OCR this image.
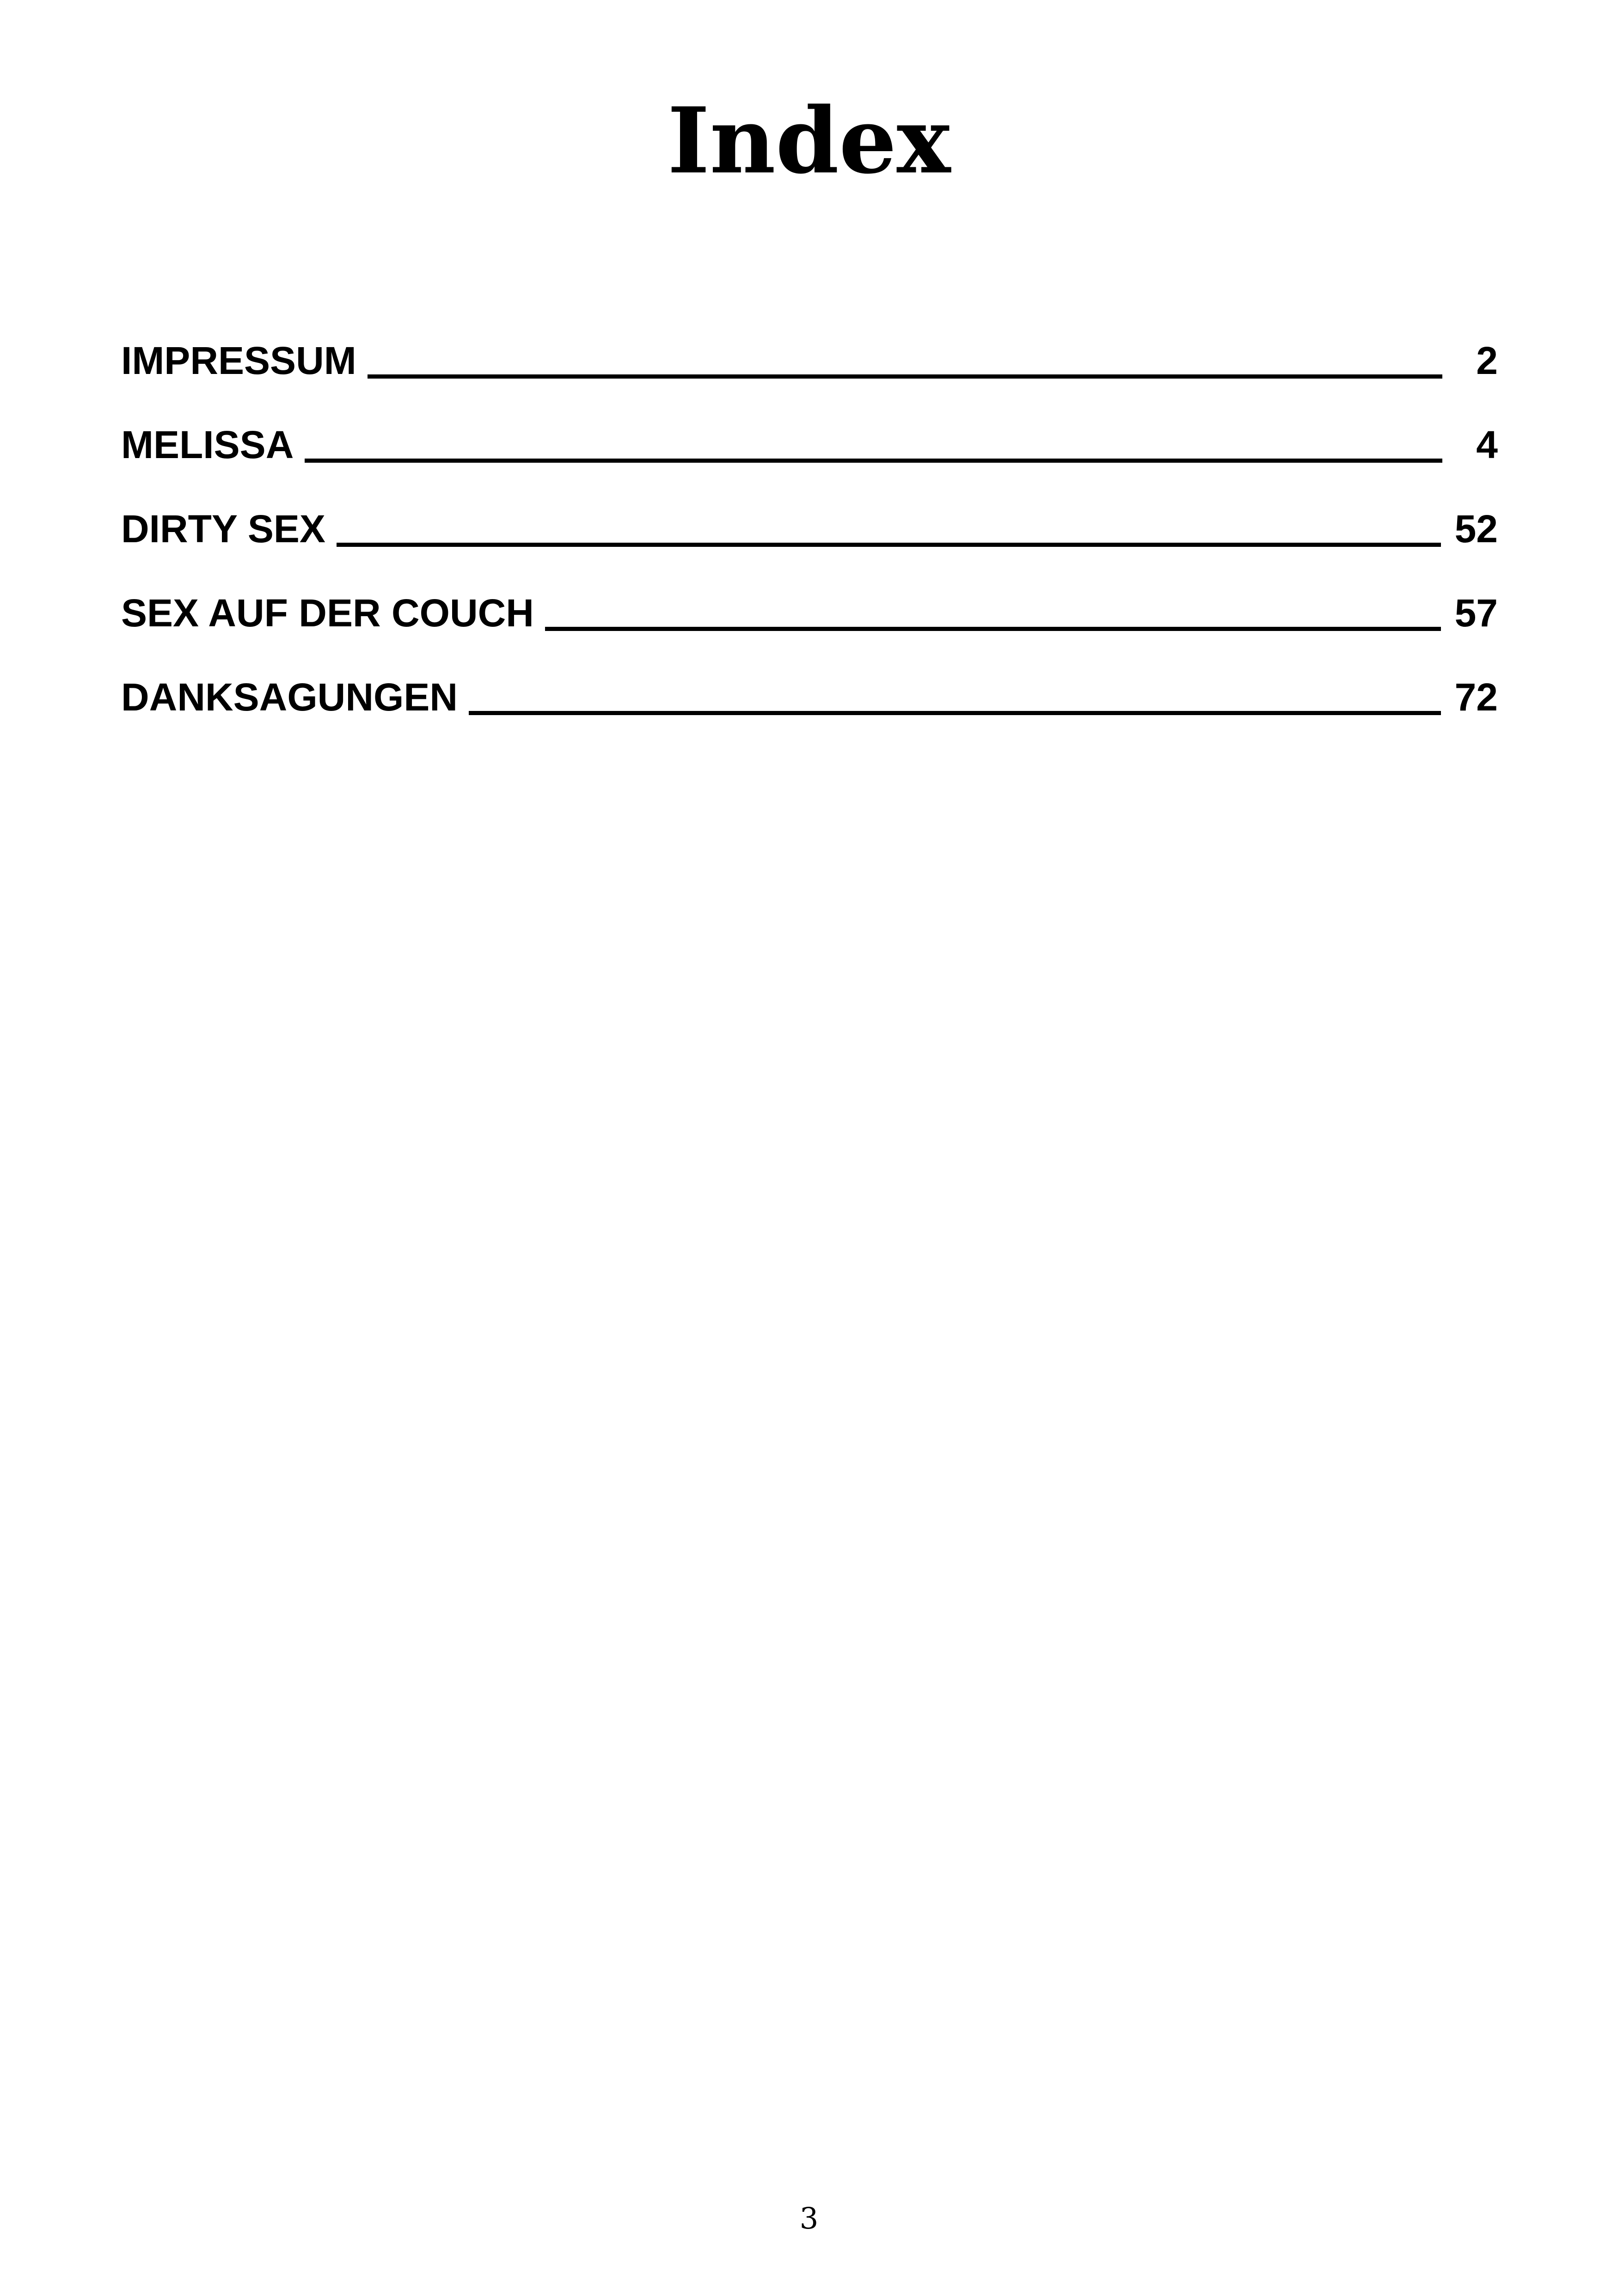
Index
IMPRESSUM	2
MELISSA	4
DIRTY SEX	52
SEX AUF DER COUCH	57
DANKSAGUNGEN	72
3
